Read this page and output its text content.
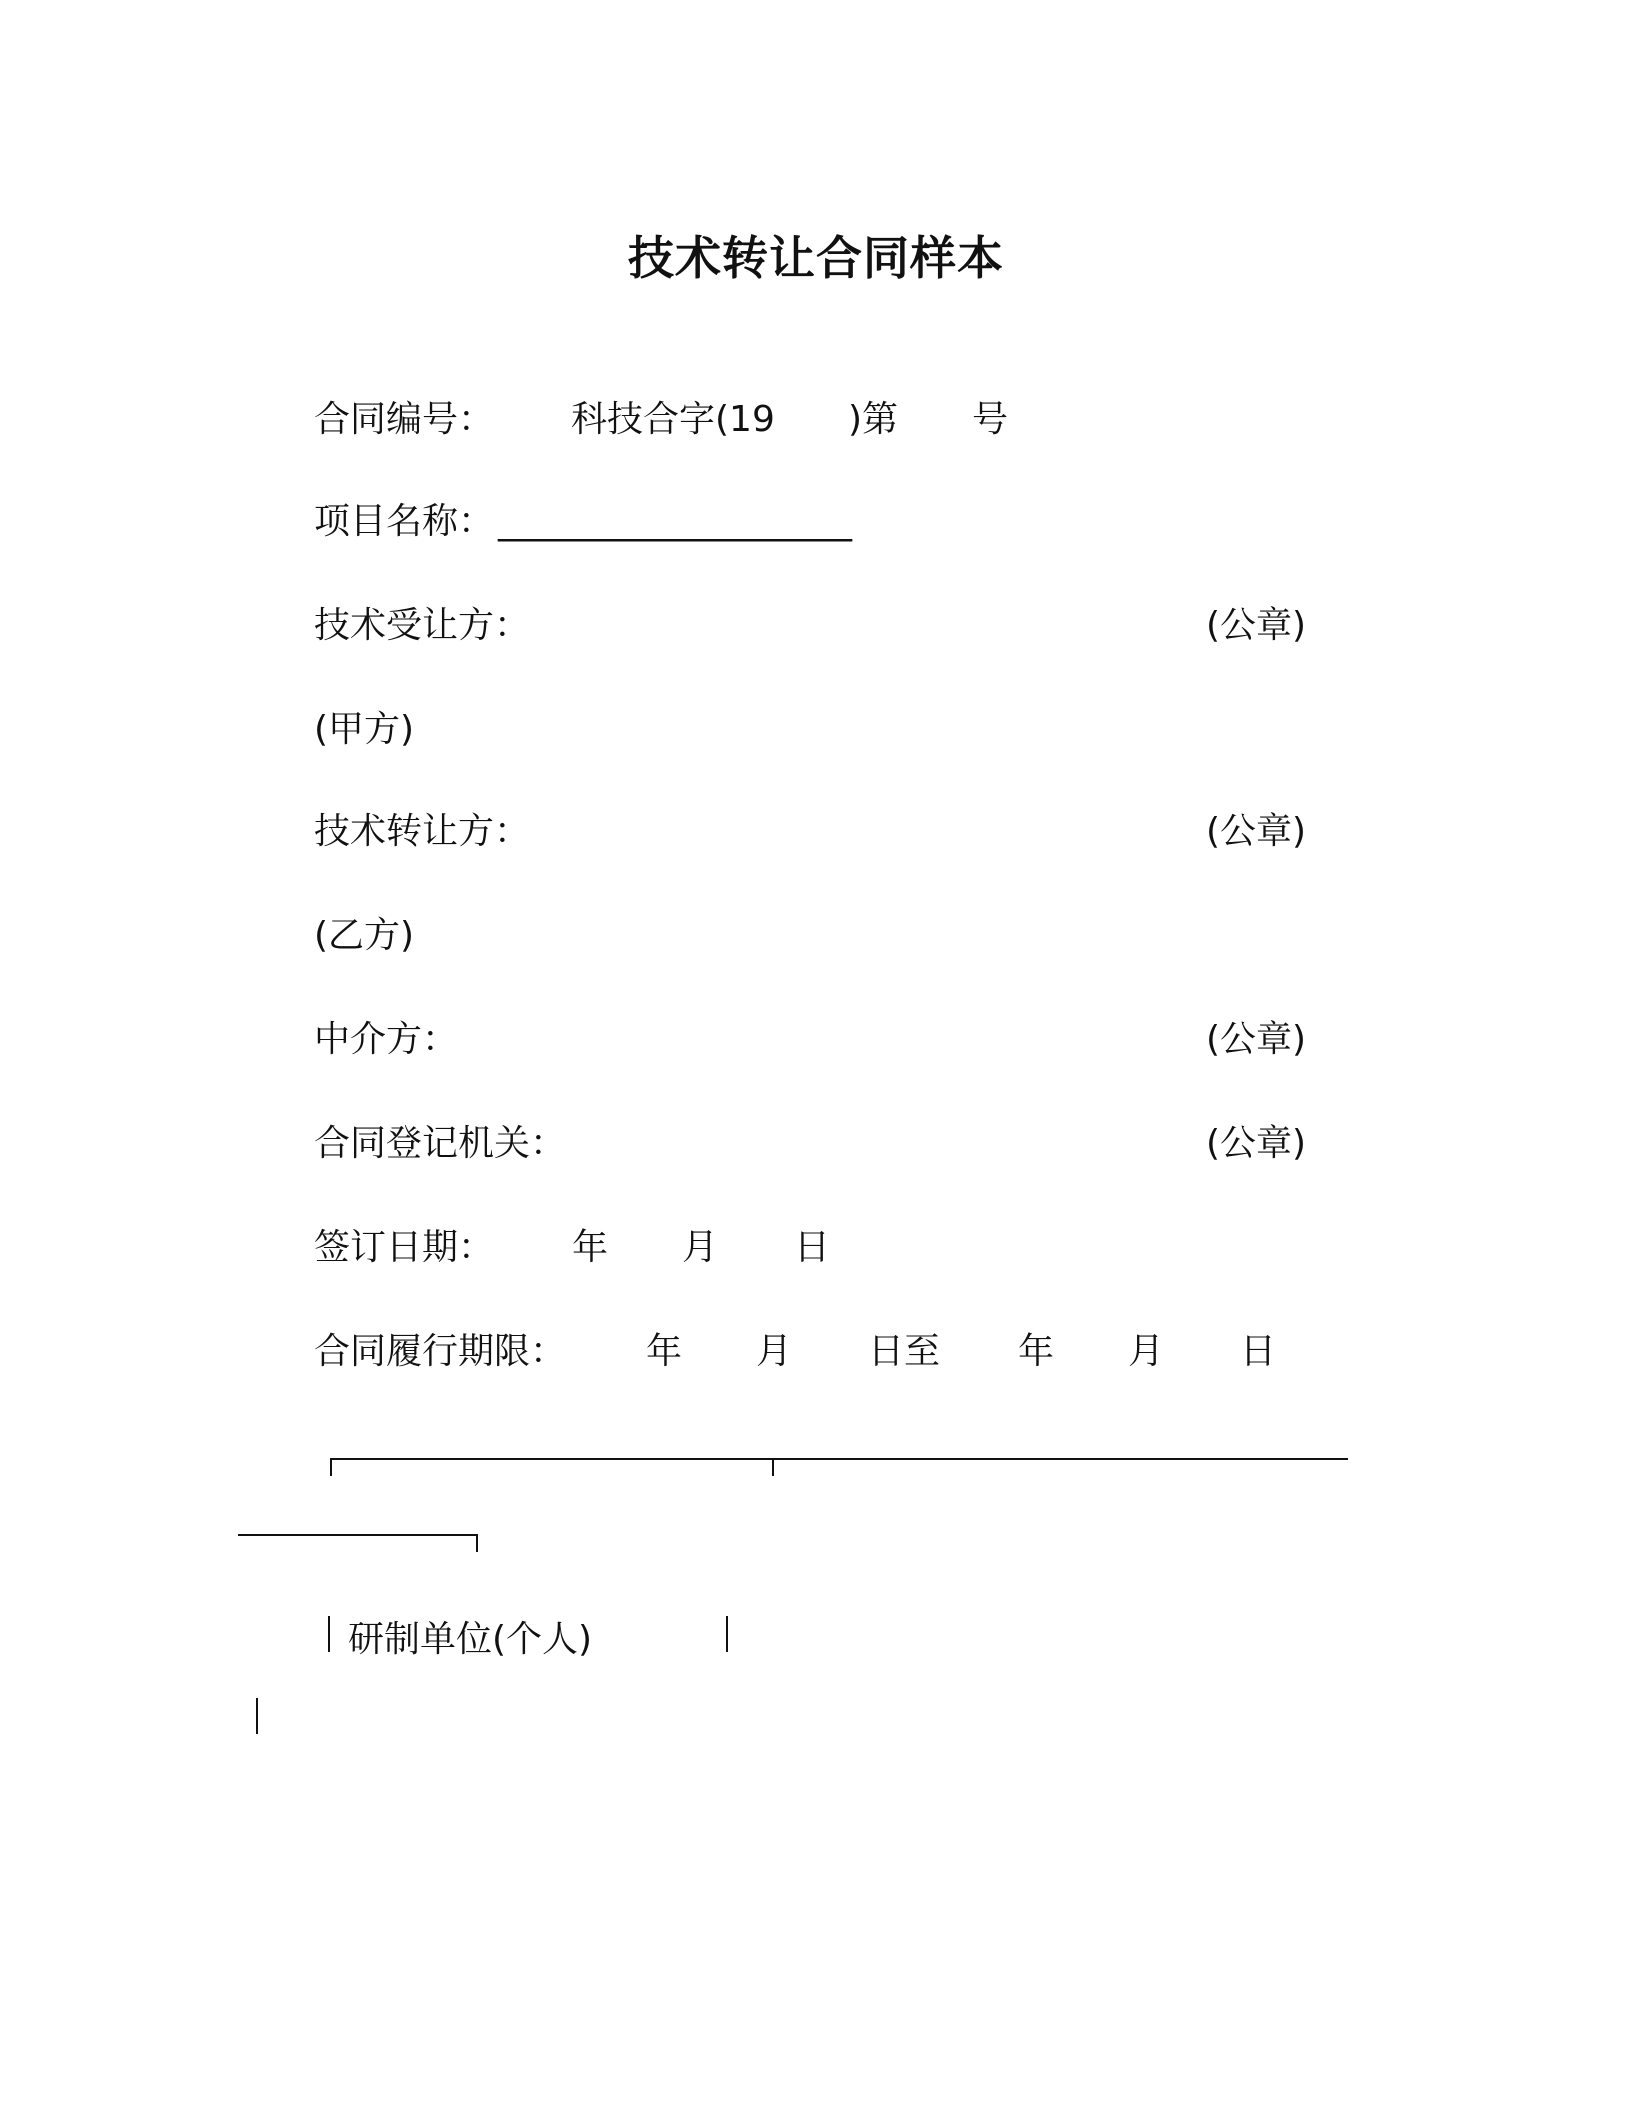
技术转让合同样本
合同编号： 科技合字(19 )第 号
项目名称： ______________________
技术受让方：	(公章)
(甲方)
技术转让方：	(公章)
(乙方)
中介方：	(公章)
合同登记机关：	(公章)
签订日期： 年 月 日
合同履行期限： 年 月 日至 年 月 日
研制单位(个人)
